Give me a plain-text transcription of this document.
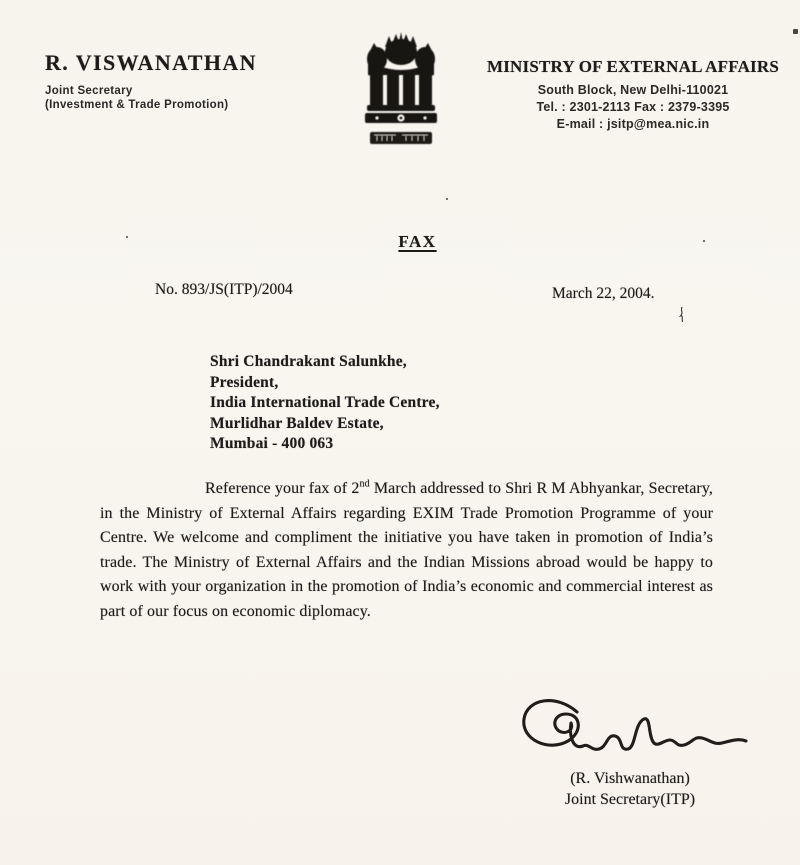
R. VISWANATHAN
Joint Secretary
(Investment & Trade Promotion)
MINISTRY OF EXTERNAL AFFAIRS
South Block, New Delhi-110021
Tel. : 2301-2113 Fax : 2379-3395
E-mail : jsitp@mea.nic.in
FAX
No. 893/JS(ITP)/2004	March 22, 2004.
Shri Chandrakant Salunkhe,
President,
India International Trade Centre,
Murlidhar Baldev Estate,
Mumbai - 400 063
Reference your fax of 2nd March addressed to Shri R M Abhyankar, Secretary, in the Ministry of External Affairs regarding EXIM Trade Promotion Programme of your Centre. We welcome and compliment the initiative you have taken in promotion of India’s trade. The Ministry of External Affairs and the Indian Missions abroad would be happy to work with your organization in the promotion of India’s economic and commercial interest as part of our focus on economic diplomacy.
(R. Vishwanathan)
Joint Secretary(ITP)
